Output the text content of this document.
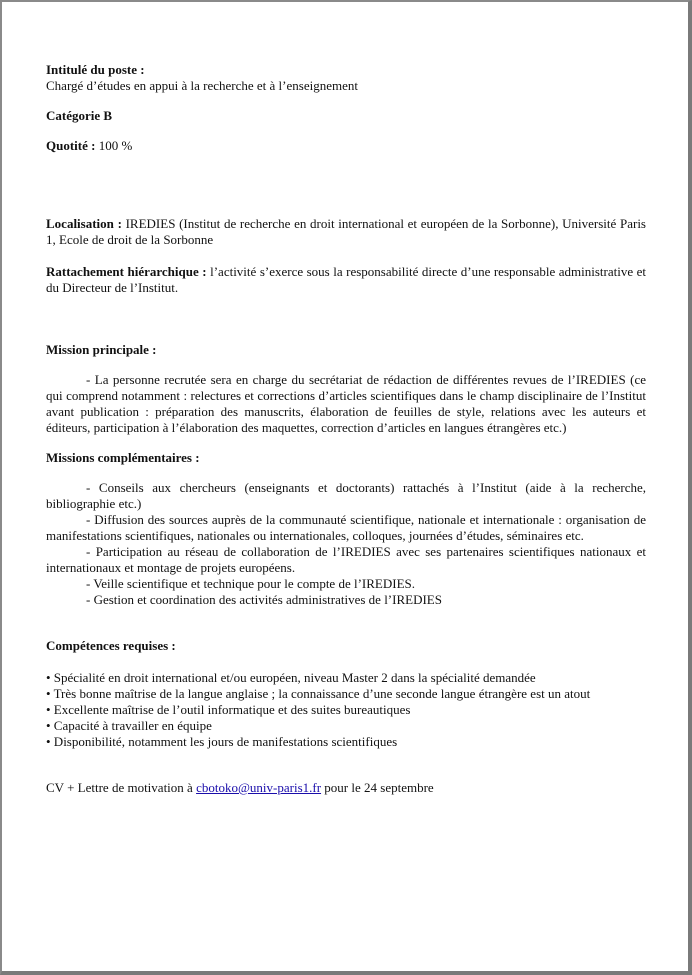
Intitulé du poste :

Chargé d’études en appui à la recherche et à l’enseignement

Catégorie B

Quotité : 100 %

Localisation : IREDIES (Institut de recherche en droit international et européen de la Sorbonne), Université Paris 1, Ecole de droit de la Sorbonne

Rattachement hiérarchique : l’activité s’exerce sous la responsabilité directe d’une responsable administrative et du Directeur de l’Institut.

Mission principale :

- La personne recrutée sera en charge du secrétariat de rédaction de différentes revues de l’IREDIES (ce qui comprend notamment : relectures et corrections d’articles scientifiques dans le champ disciplinaire de l’Institut avant publication : préparation des manuscrits, élaboration de feuilles de style, relations avec les auteurs et éditeurs, participation à l’élaboration des maquettes, correction d’articles en langues étrangères etc.)

Missions complémentaires :

- Conseils aux chercheurs (enseignants et doctorants) rattachés à l’Institut (aide à la recherche, bibliographie etc.)

- Diffusion des sources auprès de la communauté scientifique, nationale et internationale : organisation de manifestations scientifiques, nationales ou internationales, colloques, journées d’études, séminaires etc.

- Participation au réseau de collaboration de l’IREDIES avec ses partenaires scientifiques nationaux et internationaux et montage de projets européens.

- Veille scientifique et technique pour le compte de l’IREDIES.

- Gestion et coordination des activités administratives de l’IREDIES

Compétences requises :

• Spécialité en droit international et/ou européen, niveau Master 2 dans la spécialité demandée
• Très bonne maîtrise de la langue anglaise ; la connaissance d’une seconde langue étrangère est un atout
• Excellente maîtrise de l’outil informatique et des suites bureautiques
• Capacité à travailler en équipe
• Disponibilité, notamment les jours de manifestations scientifiques

CV + Lettre de motivation à cbotoko@univ-paris1.fr pour le 24 septembre
